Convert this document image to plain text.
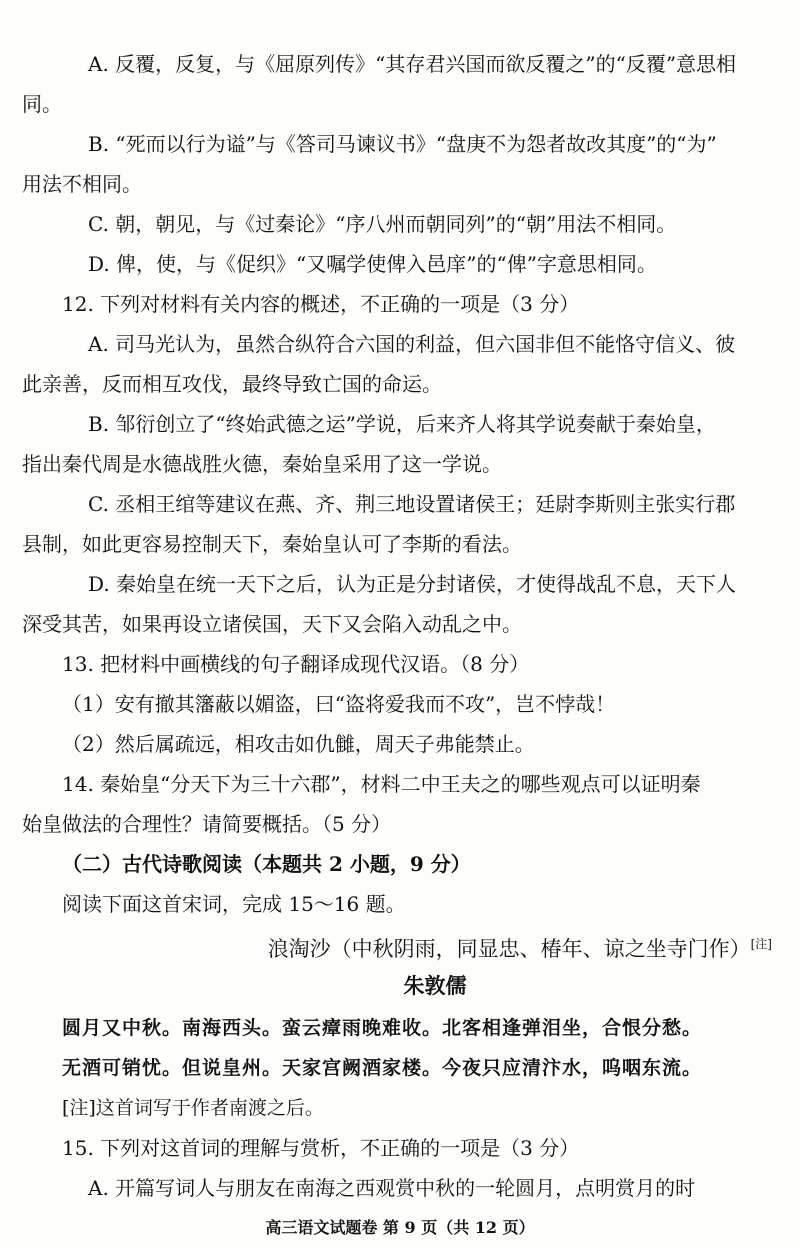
A. 反覆，反复，与《屈原列传》“其存君兴国而欲反覆之”的“反覆”意思相
同。
B. “死而以行为谥”与《答司马谏议书》“盘庚不为怨者故改其度”的“为”
用法不相同。
C. 朝，朝见，与《过秦论》“序八州而朝同列”的“朝”用法不相同。
D. 俾，使，与《促织》“又嘱学使俾入邑庠”的“俾”字意思相同。
12. 下列对材料有关内容的概述，不正确的一项是（3 分）
A. 司马光认为，虽然合纵符合六国的利益，但六国非但不能恪守信义、彼
此亲善，反而相互攻伐，最终导致亡国的命运。
B. 邹衍创立了“终始武德之运”学说，后来齐人将其学说奏献于秦始皇，
指出秦代周是水德战胜火德，秦始皇采用了这一学说。
C. 丞相王绾等建议在燕、齐、荆三地设置诸侯王；廷尉李斯则主张实行郡
县制，如此更容易控制天下，秦始皇认可了李斯的看法。
D. 秦始皇在统一天下之后，认为正是分封诸侯，才使得战乱不息，天下人
深受其苦，如果再设立诸侯国，天下又会陷入动乱之中。
13. 把材料中画横线的句子翻译成现代汉语。（8 分）
（1）安有撤其籓蔽以媚盗，曰“盗将爱我而不攻”，岂不悖哉！
（2）然后属疏远，相攻击如仇雠，周天子弗能禁止。
14. 秦始皇“分天下为三十六郡”，材料二中王夫之的哪些观点可以证明秦
始皇做法的合理性？请简要概括。（5 分）
（二）古代诗歌阅读（本题共 2 小题，9 分）
阅读下面这首宋词，完成 15～16 题。
浪淘沙（中秋阴雨，同显忠、椿年、谅之坐寺门作）[注]
朱敦儒
圆月又中秋。南海西头。蛮云瘴雨晚难收。北客相逢弹泪坐，合恨分愁。
无酒可销忧。但说皇州。天家宫阙酒家楼。今夜只应清汴水，呜咽东流。
[注]这首词写于作者南渡之后。
15. 下列对这首词的理解与赏析，不正确的一项是（3 分）
A. 开篇写词人与朋友在南海之西观赏中秋的一轮圆月，点明赏月的时
高三语文试题卷 第 9 页（共 12 页）
